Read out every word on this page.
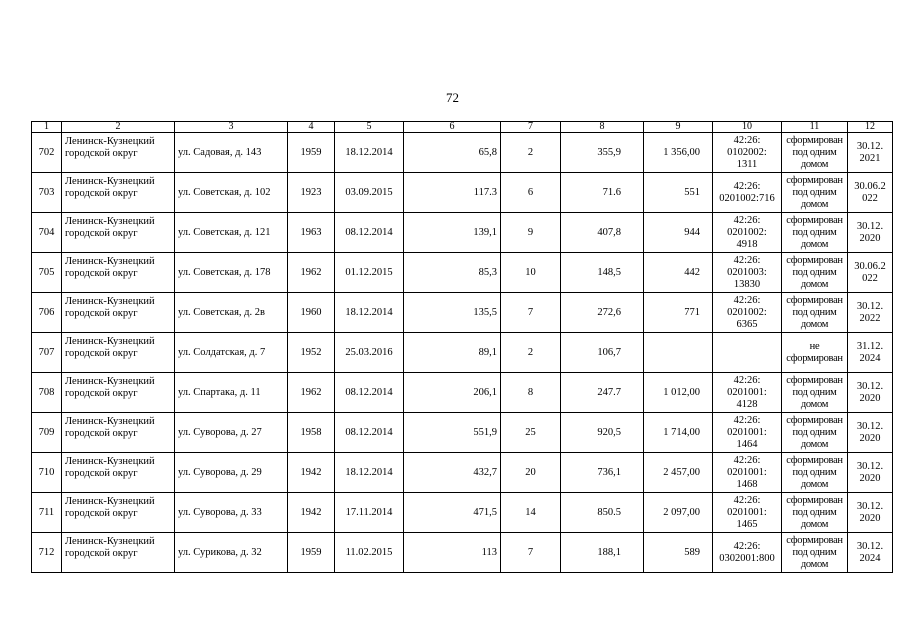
72
1	2	3	4	5	6	7	8	9	10	11	12
702	Ленинск-Кузнецкий городской округ	ул. Садовая, д. 143	1959	18.12.2014	65,8	2	355,9	1 356,00	42:26: 0102002: 1311	сформирован под одним домом	30.12. 2021
703	Ленинск-Кузнецкий городской округ	ул. Советская, д. 102	1923	03.09.2015	117.3	6	71.6	551	42:26: 0201002:716	сформирован под одним домом	30.06.2 022
704	Ленинск-Кузнецкий городской округ	ул. Советская, д. 121	1963	08.12.2014	139,1	9	407,8	944	42:26: 0201002: 4918	сформирован под одним домом	30.12. 2020
705	Ленинск-Кузнецкий городской округ	ул. Советская, д. 178	1962	01.12.2015	85,3	10	148,5	442	42:26: 0201003: 13830	сформирован под одним домом	30.06.2 022
706	Ленинск-Кузнецкий городской округ	ул. Советская, д. 2в	1960	18.12.2014	135,5	7	272,6	771	42:26: 0201002: 6365	сформирован под одним домом	30.12. 2022
707	Ленинск-Кузнецкий городской округ	ул. Солдатская, д. 7	1952	25.03.2016	89,1	2	106,7			не сформирован	31.12. 2024
708	Ленинск-Кузнецкий городской округ	ул. Спартака, д. 11	1962	08.12.2014	206,1	8	247.7	1 012,00	42:26: 0201001: 4128	сформирован под одним домом	30.12. 2020
709	Ленинск-Кузнецкий городской округ	ул. Суворова, д. 27	1958	08.12.2014	551,9	25	920,5	1 714,00	42:26: 0201001: 1464	сформирован под одним домом	30.12. 2020
710	Ленинск-Кузнецкий городской округ	ул. Суворова, д. 29	1942	18.12.2014	432,7	20	736,1	2 457,00	42:26: 0201001: 1468	сформирован под одним домом	30.12. 2020
711	Ленинск-Кузнецкий городской округ	ул. Суворова, д. 33	1942	17.11.2014	471,5	14	850.5	2 097,00	42:26: 0201001: 1465	сформирован под одним домом	30.12. 2020
712	Ленинск-Кузнецкий городской округ	ул. Сурикова, д. 32	1959	11.02.2015	113	7	188,1	589	42:26: 0302001:800	сформирован под одним домом	30.12. 2024
